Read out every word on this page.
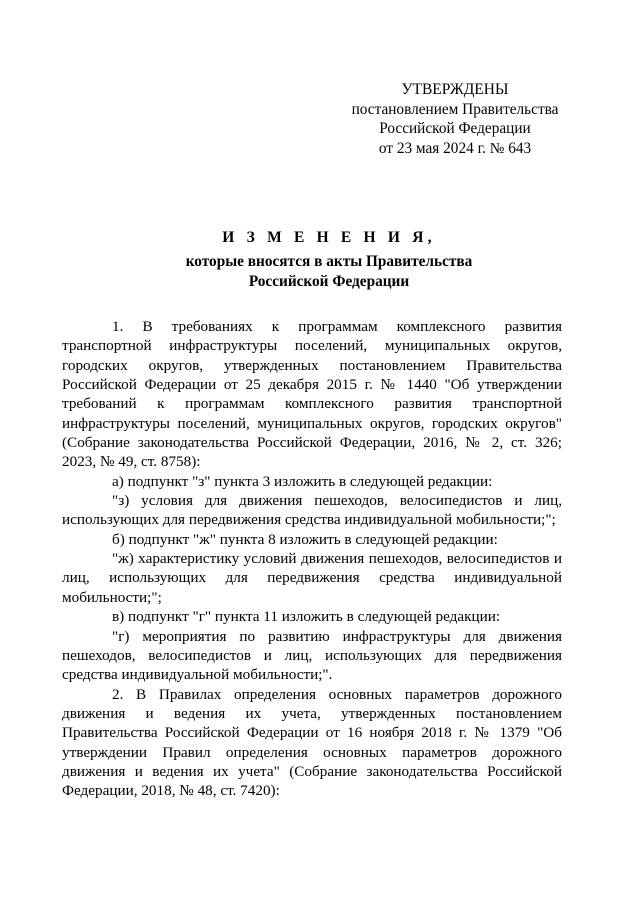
УТВЕРЖДЕНЫ
постановлением Правительства
Российской Федерации
от 23 мая 2024 г. № 643
И З М Е Н Е Н И Я,
которые вносятся в акты Правительства
Российской Федерации

1. В требованиях к программам комплексного развития транспортной инфраструктуры поселений, муниципальных округов, городских округов, утвержденных постановлением Правительства Российской Федерации от 25 декабря 2015 г. № 1440 "Об утверждении требований к программам комплексного развития транспортной инфраструктуры поселений, муниципальных округов, городских округов" (Собрание законодательства Российской Федерации, 2016, № 2, ст. 326; 2023, № 49, ст. 8758):

а) подпункт "з" пункта 3 изложить в следующей редакции:

"з) условия для движения пешеходов, велосипедистов и лиц, использующих для передвижения средства индивидуальной мобильности;";

б) подпункт "ж" пункта 8 изложить в следующей редакции:

"ж) характеристику условий движения пешеходов, велосипедистов и лиц, использующих для передвижения средства индивидуальной мобильности;";

в) подпункт "г" пункта 11 изложить в следующей редакции:

"г) мероприятия по развитию инфраструктуры для движения пешеходов, велосипедистов и лиц, использующих для передвижения средства индивидуальной мобильности;".

2. В Правилах определения основных параметров дорожного движения и ведения их учета, утвержденных постановлением Правительства Российской Федерации от 16 ноября 2018 г. № 1379 "Об утверждении Правил определения основных параметров дорожного движения и ведения их учета" (Собрание законодательства Российской Федерации, 2018, № 48, ст. 7420):
